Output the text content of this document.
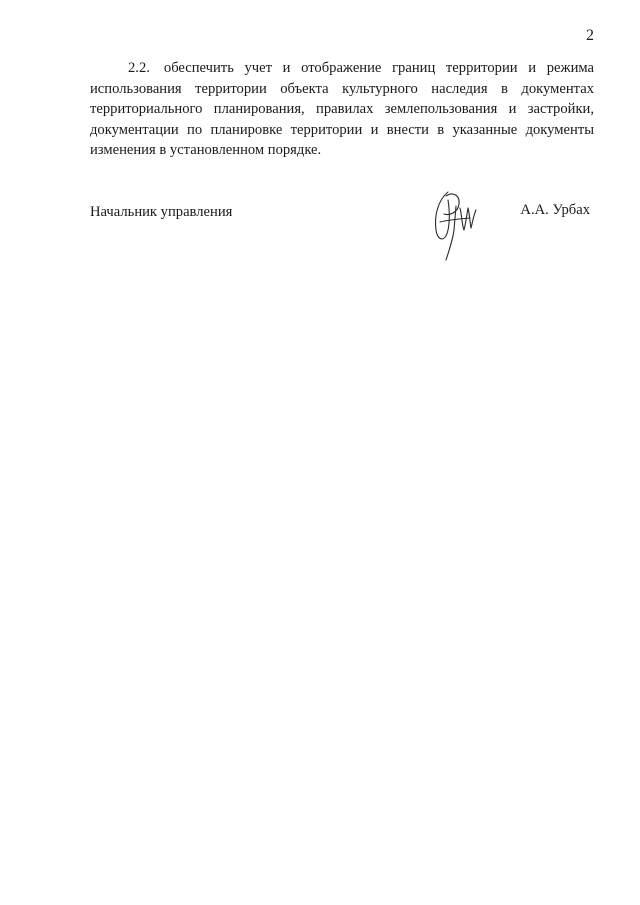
2

2.2. обеспечить учет и отображение границ территории и режима использования территории объекта культурного наследия в документах территориального планирования, правилах землепользования и застройки, документации по планировке территории и внести в указанные документы изменения в установленном порядке.

Начальник управления	А.А. Урбах
